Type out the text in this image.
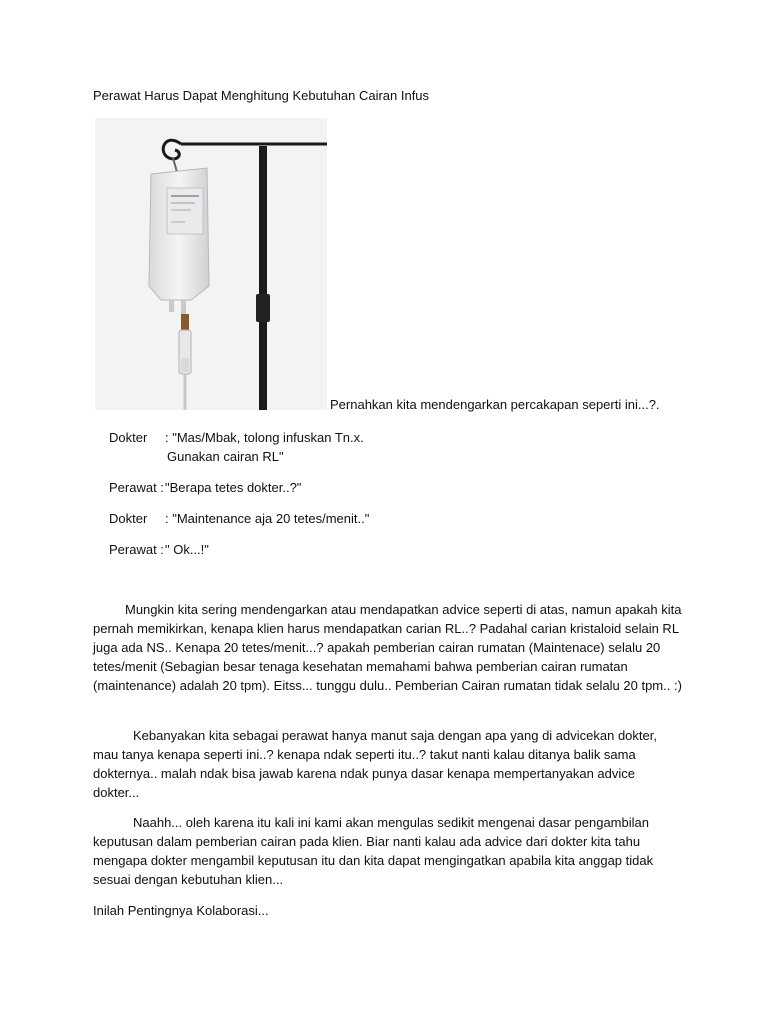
Perawat Harus Dapat Menghitung Kebutuhan Cairan Infus
Pernahkan kita mendengarkan percakapan seperti ini...?.
Dokter : "Mas/Mbak, tolong infuskan Tn.x.
Gunakan cairan RL"
Perawat :"Berapa tetes dokter..?"
Dokter : "Maintenance aja 20 tetes/menit.."
Perawat :" Ok...!"

Mungkin kita sering mendengarkan atau mendapatkan advice seperti di atas, namun apakah kita pernah memikirkan, kenapa klien harus mendapatkan carian RL..? Padahal carian kristaloid selain RL juga ada NS.. Kenapa 20 tetes/menit...? apakah pemberian cairan rumatan (Maintenace) selalu 20 tetes/menit (Sebagian besar tenaga kesehatan memahami bahwa pemberian cairan rumatan (maintenance) adalah 20 tpm). Eitss... tunggu dulu.. Pemberian Cairan rumatan tidak selalu 20 tpm.. :)

Kebanyakan kita sebagai perawat hanya manut saja dengan apa yang di advicekan dokter, mau tanya kenapa seperti ini..? kenapa ndak seperti itu..? takut nanti kalau ditanya balik sama dokternya.. malah ndak bisa jawab karena ndak punya dasar kenapa mempertanyakan advice dokter...

Naahh... oleh karena itu kali ini kami akan mengulas sedikit mengenai dasar pengambilan keputusan dalam pemberian cairan pada klien. Biar nanti kalau ada advice dari dokter kita tahu mengapa dokter mengambil keputusan itu dan kita dapat mengingatkan apabila kita anggap tidak sesuai dengan kebutuhan klien...

Inilah Pentingnya Kolaborasi...
